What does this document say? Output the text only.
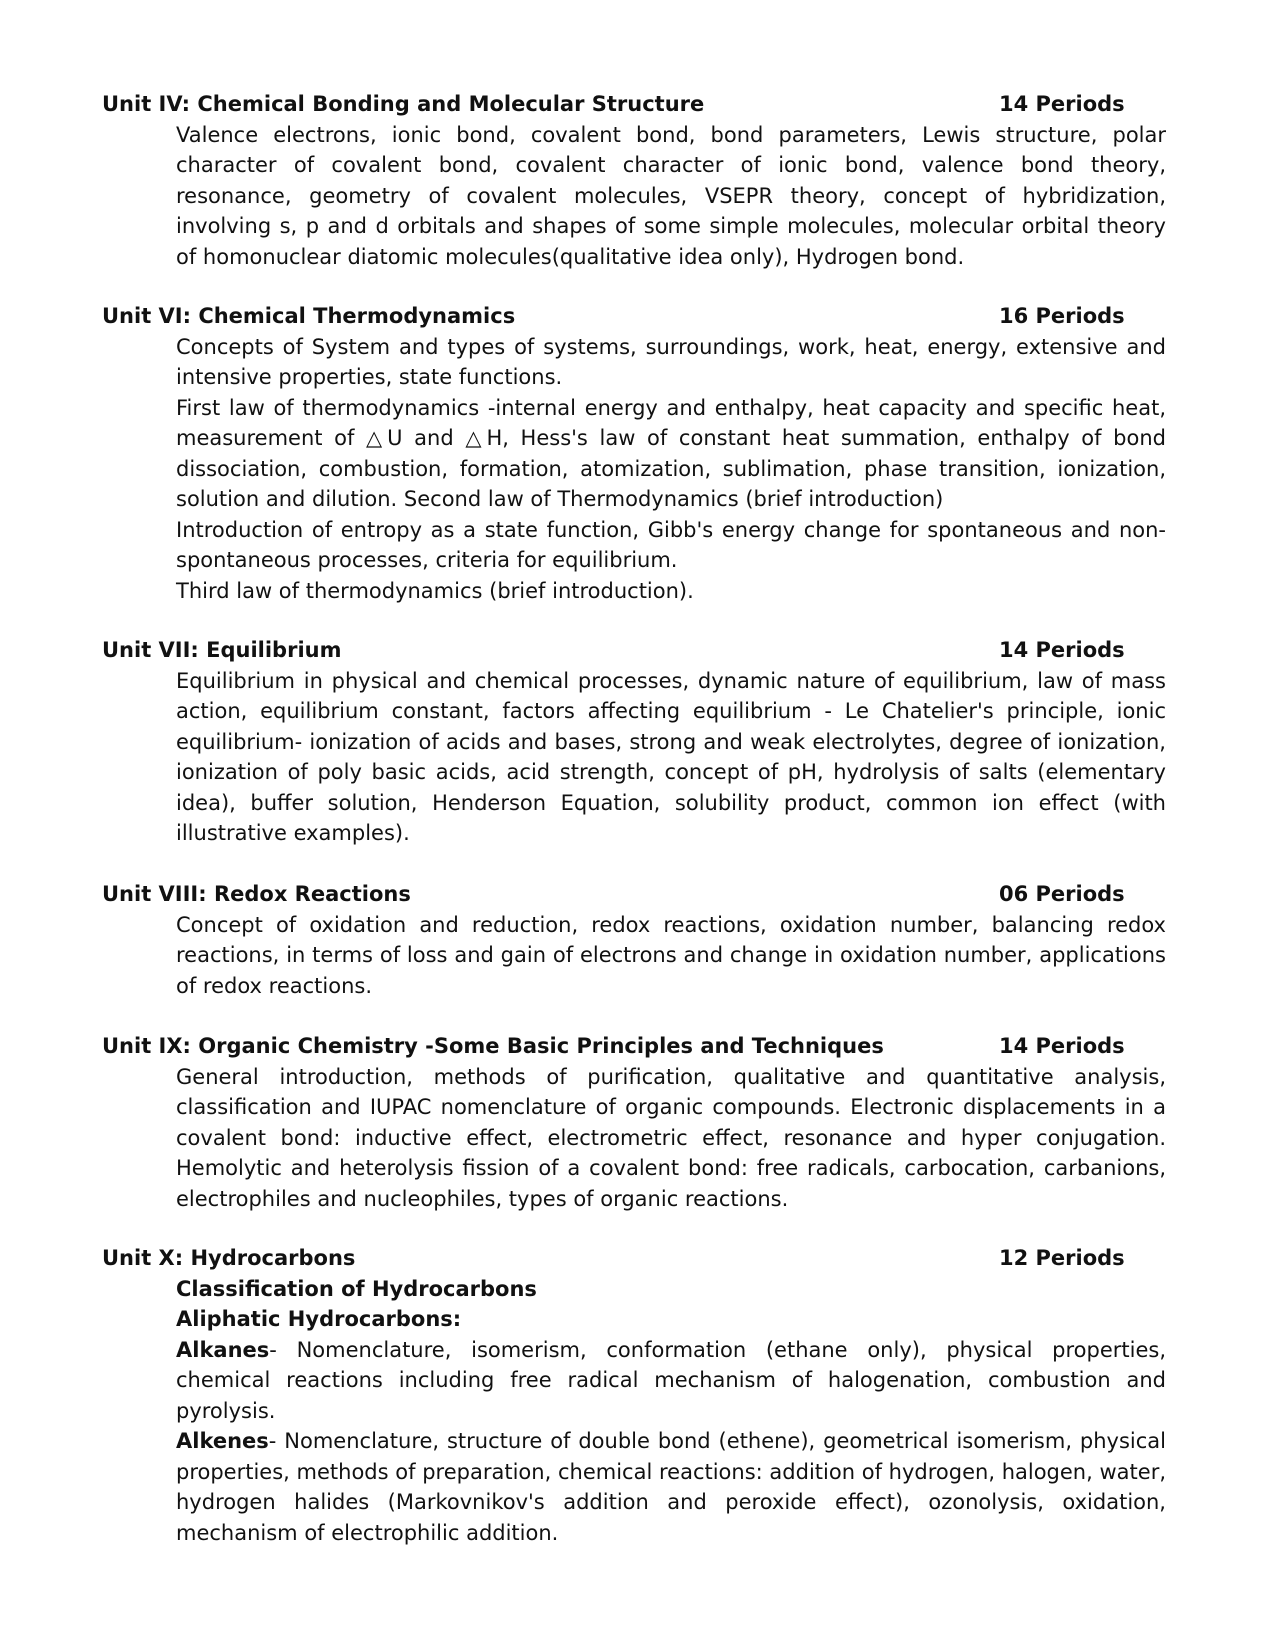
Unit IV: Chemical Bonding and Molecular Structure	14 Periods

Valence electrons, ionic bond, covalent bond, bond parameters, Lewis structure, polar character of covalent bond, covalent character of ionic bond, valence bond theory, resonance, geometry of covalent molecules, VSEPR theory, concept of hybridization, involving s, p and d orbitals and shapes of some simple molecules, molecular orbital theory of homonuclear diatomic molecules(qualitative idea only), Hydrogen bond.

Unit VI: Chemical Thermodynamics	16 Periods

Concepts of System and types of systems, surroundings, work, heat, energy, extensive and intensive properties, state functions.

First law of thermodynamics -internal energy and enthalpy, heat capacity and specific heat, measurement of △U and △H, Hess's law of constant heat summation, enthalpy of bond dissociation, combustion, formation, atomization, sublimation, phase transition, ionization, solution and dilution. Second law of Thermodynamics (brief introduction)

Introduction of entropy as a state function, Gibb's energy change for spontaneous and non-spontaneous processes, criteria for equilibrium.

Third law of thermodynamics (brief introduction).

Unit VII: Equilibrium	14 Periods

Equilibrium in physical and chemical processes, dynamic nature of equilibrium, law of mass action, equilibrium constant, factors affecting equilibrium - Le Chatelier's principle, ionic equilibrium- ionization of acids and bases, strong and weak electrolytes, degree of ionization, ionization of poly basic acids, acid strength, concept of pH, hydrolysis of salts (elementary idea), buffer solution, Henderson Equation, solubility product, common ion effect (with illustrative examples).

Unit VIII: Redox Reactions	06 Periods

Concept of oxidation and reduction, redox reactions, oxidation number, balancing redox reactions, in terms of loss and gain of electrons and change in oxidation number, applications of redox reactions.

Unit IX: Organic Chemistry -Some Basic Principles and Techniques	14 Periods

General introduction, methods of purification, qualitative and quantitative analysis, classification and IUPAC nomenclature of organic compounds. Electronic displacements in a covalent bond: inductive effect, electrometric effect, resonance and hyper conjugation. Hemolytic and heterolysis fission of a covalent bond: free radicals, carbocation, carbanions, electrophiles and nucleophiles, types of organic reactions.

Unit X: Hydrocarbons	12 Periods

Classification of Hydrocarbons

Aliphatic Hydrocarbons:

Alkanes- Nomenclature, isomerism, conformation (ethane only), physical properties, chemical reactions including free radical mechanism of halogenation, combustion and pyrolysis.

Alkenes- Nomenclature, structure of double bond (ethene), geometrical isomerism, physical properties, methods of preparation, chemical reactions: addition of hydrogen, halogen, water, hydrogen halides (Markovnikov's addition and peroxide effect), ozonolysis, oxidation, mechanism of electrophilic addition.
